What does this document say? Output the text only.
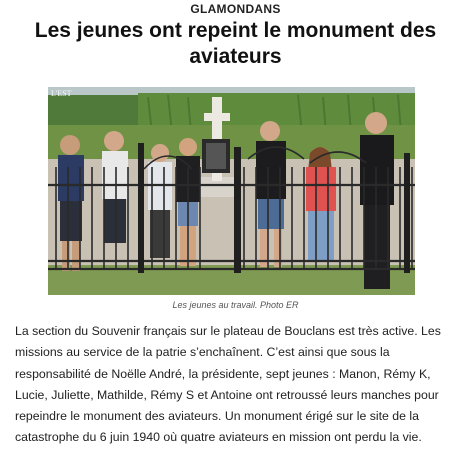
GLAMONDANS
Les jeunes ont repeint le monument des aviateurs
L'EST
Les jeunes au travail. Photo ER
La section du Souvenir français sur le plateau de Bouclans est très active. Les missions au service de la patrie s’enchaînent. C’est ainsi que sous la responsabilité de Noëlle André, la présidente, sept jeunes : Manon, Rémy K, Lucie, Juliette, Mathilde, Rémy S et Antoine ont retroussé leurs manches pour repeindre le monument des aviateurs. Un monument érigé sur le site de la catastrophe du 6 juin 1940 où quatre aviateurs en mission ont perdu la vie.
